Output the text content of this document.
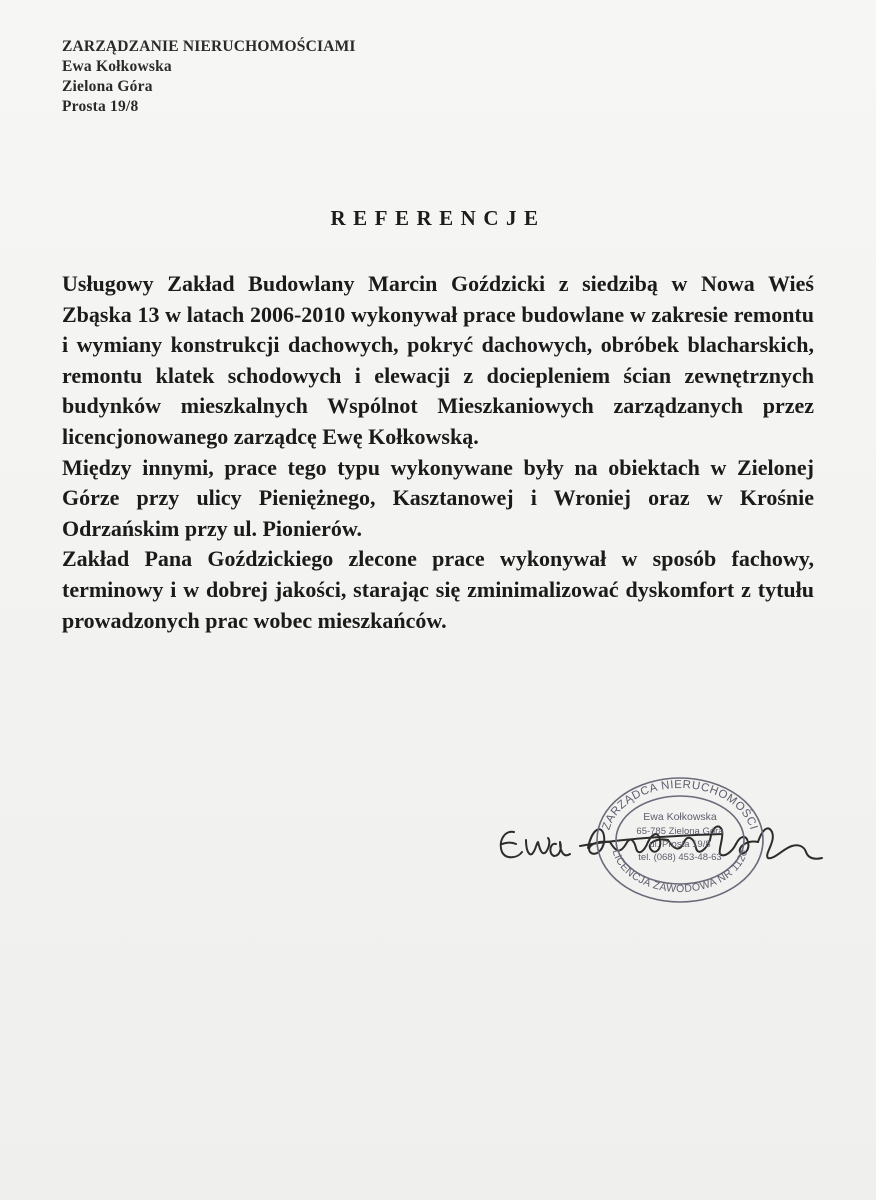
ZARZĄDZANIE NIERUCHOMOŚCIAMI
Ewa Kołkowska
Zielona Góra
Prosta 19/8
REFERENCJE

Usługowy Zakład Budowlany Marcin Goździcki z siedzibą w Nowa Wieś Zbąska 13 w latach 2006-2010 wykonywał prace budowlane w zakresie remontu i wymiany konstrukcji dachowych, pokryć dachowych, obróbek blacharskich, remontu klatek schodowych i elewacji z dociepleniem ścian zewnętrznych budynków mieszkalnych Wspólnot Mieszkaniowych zarządzanych przez licencjonowanego zarządcę Ewę Kołkowską.

Między innymi, prace tego typu wykonywane były na obiektach w Zielonej Górze przy ulicy Pieniężnego, Kasztanowej i Wroniej oraz w Krośnie Odrzańskim przy ul. Pionierów.

Zakład Pana Goździckiego zlecone prace wykonywał w sposób fachowy, terminowy i w dobrej jakości, starając się zminimalizować dyskomfort z tytułu prowadzonych prac wobec mieszkańców.

ZARZĄDCA NIERUCHOMOŚCI
LICENCJA ZAWODOWA NR 1120
Ewa Kołkowska
65-785 Zielona Góra
ul. Prosta 19/8
tel. (068) 453-48-63
